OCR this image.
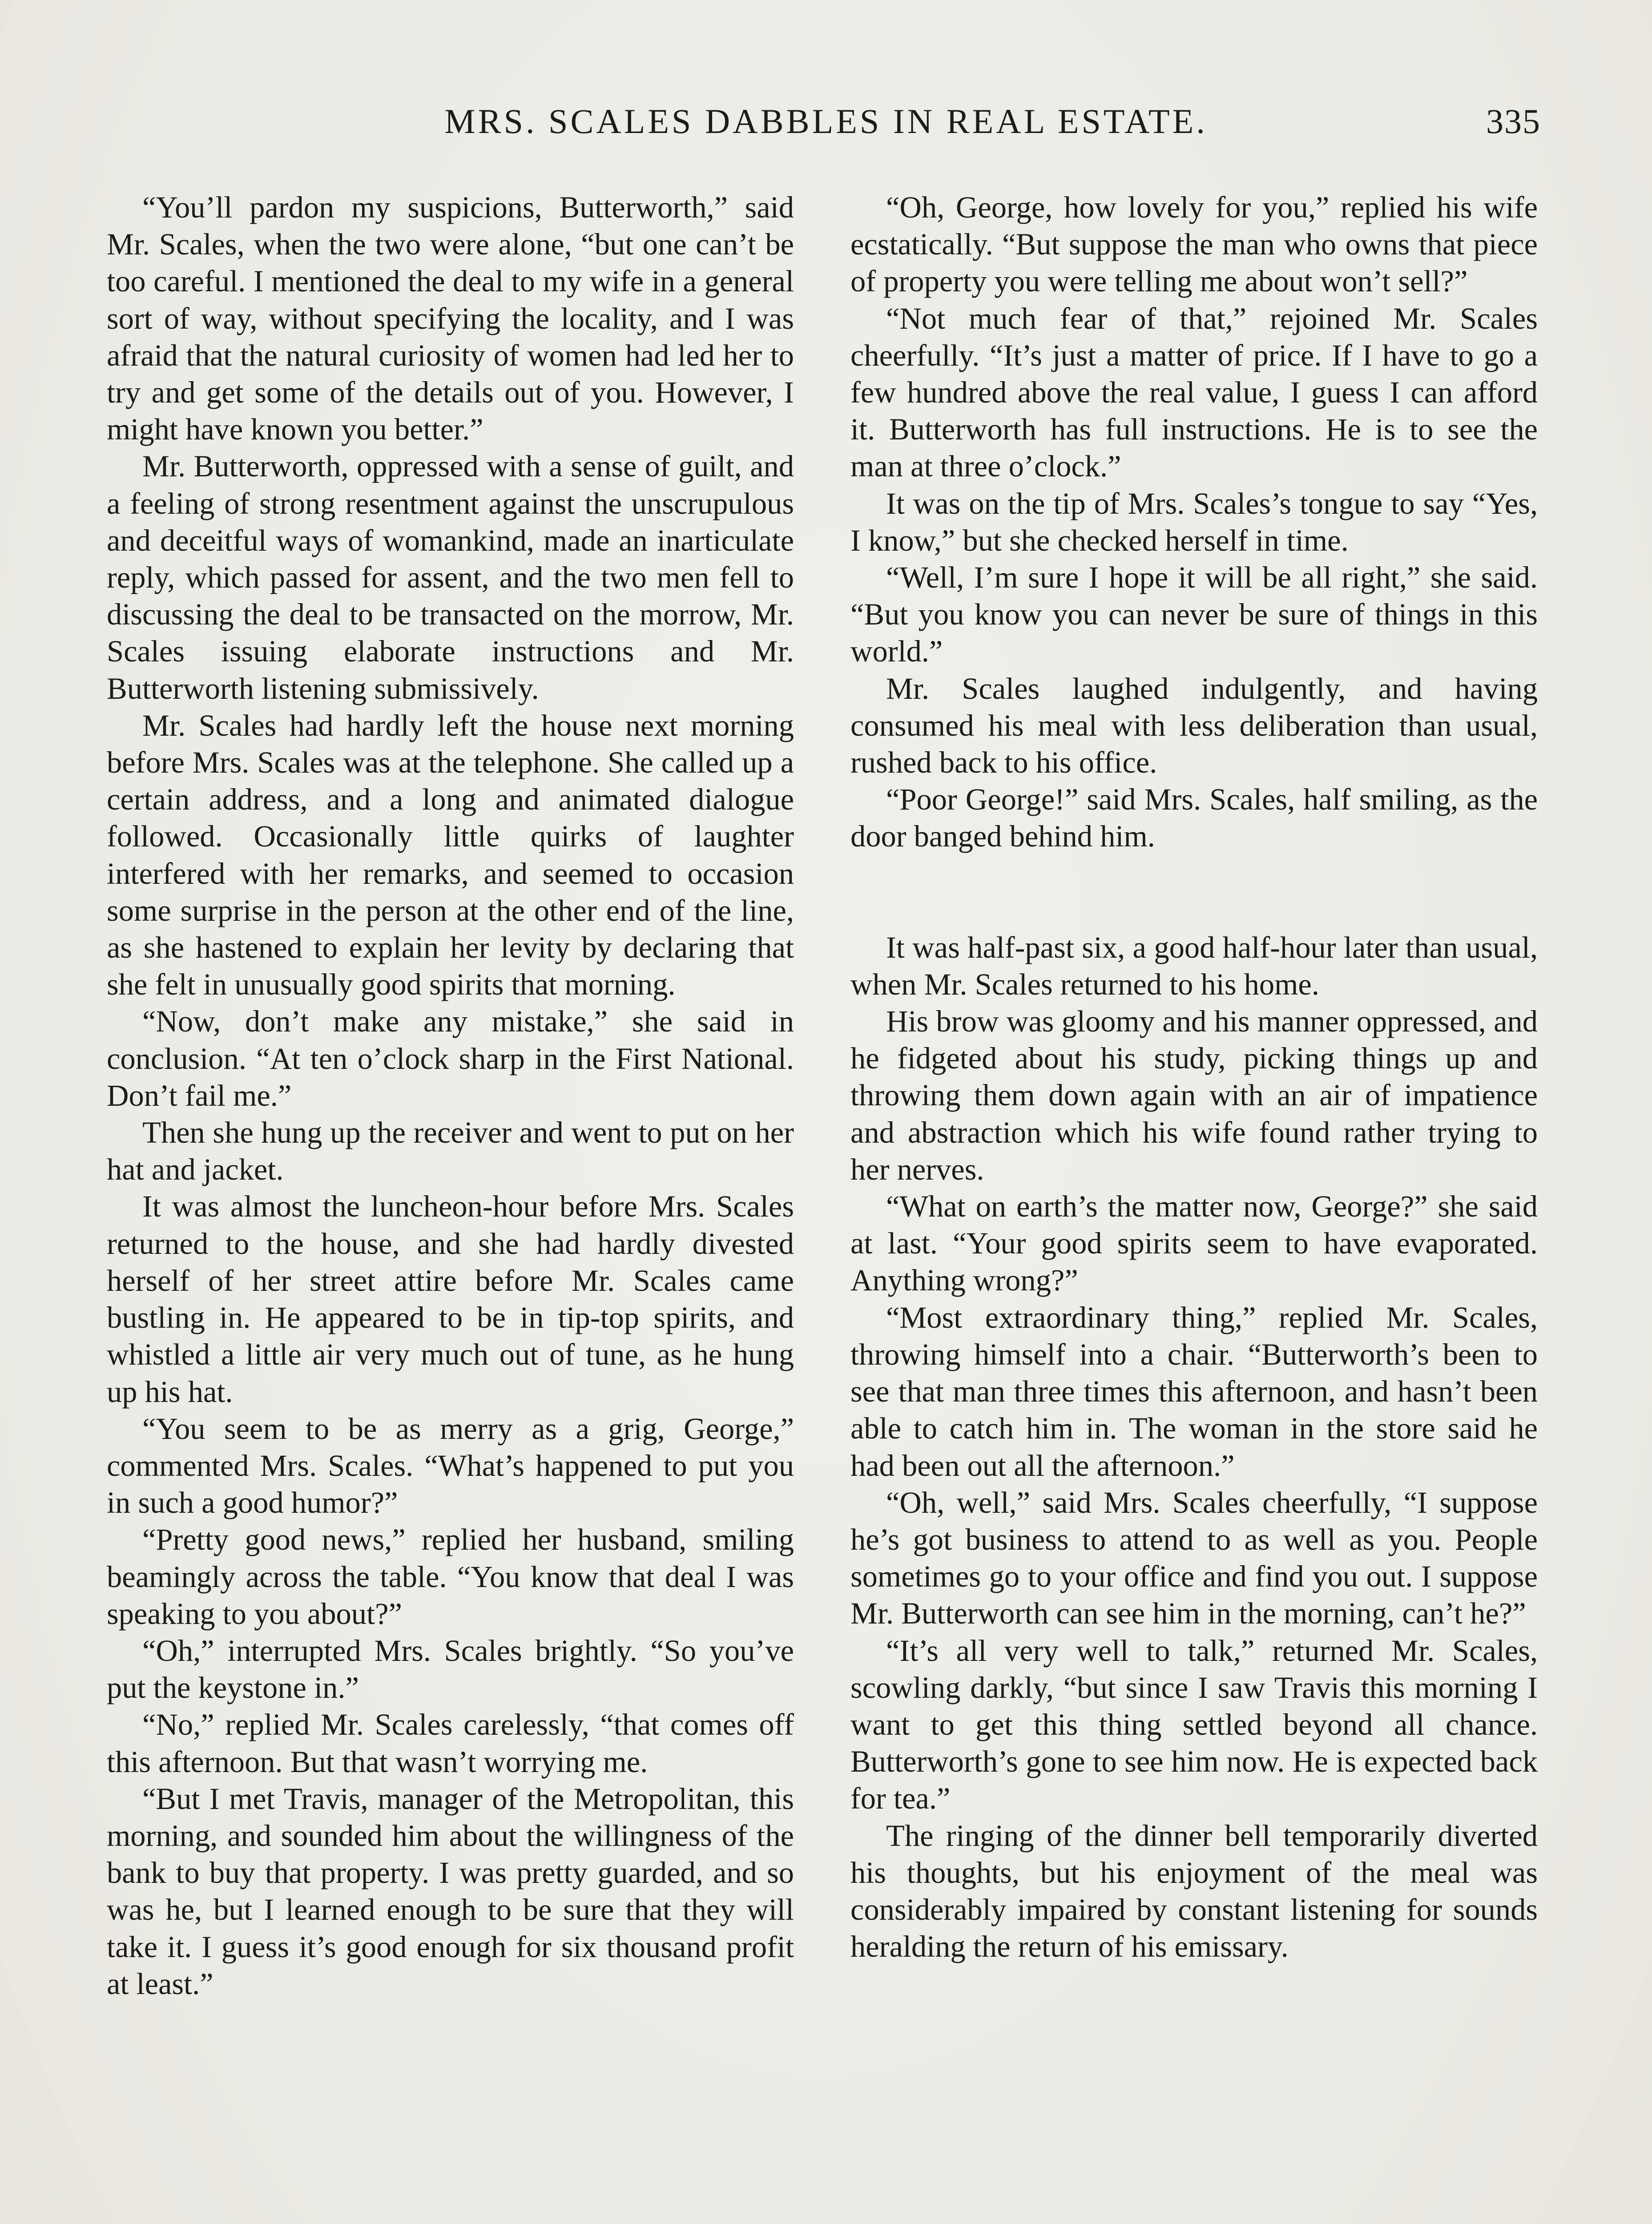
MRS. SCALES DABBLES IN REAL ESTATE.	335

“You’ll pardon my suspicions, Butterworth,” said Mr. Scales, when the two were alone, “but one can’t be too careful. I mentioned the deal to my wife in a general sort of way, without specifying the locality, and I was afraid that the natural curiosity of women had led her to try and get some of the details out of you. However, I might have known you better.”

Mr. Butterworth, oppressed with a sense of guilt, and a feeling of strong resentment against the unscrupulous and deceitful ways of womankind, made an inarticulate reply, which passed for assent, and the two men fell to discussing the deal to be transacted on the morrow, Mr. Scales issuing elaborate instructions and Mr. Butterworth listening submissively.

Mr. Scales had hardly left the house next morning before Mrs. Scales was at the telephone. She called up a certain address, and a long and animated dialogue followed. Occasionally little quirks of laughter interfered with her remarks, and seemed to occasion some surprise in the person at the other end of the line, as she hastened to explain her levity by declaring that she felt in unusually good spirits that morning.

“Now, don’t make any mistake,” she said in conclusion. “At ten o’clock sharp in the First National. Don’t fail me.”

Then she hung up the receiver and went to put on her hat and jacket.

It was almost the luncheon-hour before Mrs. Scales returned to the house, and she had hardly divested herself of her street attire before Mr. Scales came bustling in. He appeared to be in tip-top spirits, and whistled a little air very much out of tune, as he hung up his hat.

“You seem to be as merry as a grig, George,” commented Mrs. Scales. “What’s happened to put you in such a good humor?”

“Pretty good news,” replied her husband, smiling beamingly across the table. “You know that deal I was speaking to you about?”

“Oh,” interrupted Mrs. Scales brightly. “So you’ve put the keystone in.”

“No,” replied Mr. Scales carelessly, “that comes off this afternoon. But that wasn’t worrying me.

“But I met Travis, manager of the Metropolitan, this morning, and sounded him about the willingness of the bank to buy that property. I was pretty guarded, and so was he, but I learned enough to be sure that they will take it. I guess it’s good enough for six thousand profit at least.”

“Oh, George, how lovely for you,” replied his wife ecstatically. “But suppose the man who owns that piece of property you were telling me about won’t sell?”

“Not much fear of that,” rejoined Mr. Scales cheerfully. “It’s just a matter of price. If I have to go a few hundred above the real value, I guess I can afford it. Butterworth has full instructions. He is to see the man at three o’clock.”

It was on the tip of Mrs. Scales’s tongue to say “Yes, I know,” but she checked herself in time.

“Well, I’m sure I hope it will be all right,” she said. “But you know you can never be sure of things in this world.”

Mr. Scales laughed indulgently, and having consumed his meal with less deliberation than usual, rushed back to his office.

“Poor George!” said Mrs. Scales, half smiling, as the door banged behind him.

It was half-past six, a good half-hour later than usual, when Mr. Scales returned to his home.

His brow was gloomy and his manner oppressed, and he fidgeted about his study, picking things up and throwing them down again with an air of impatience and abstraction which his wife found rather trying to her nerves.

“What on earth’s the matter now, George?” she said at last. “Your good spirits seem to have evaporated. Anything wrong?”

“Most extraordinary thing,” replied Mr. Scales, throwing himself into a chair. “Butterworth’s been to see that man three times this afternoon, and hasn’t been able to catch him in. The woman in the store said he had been out all the afternoon.”

“Oh, well,” said Mrs. Scales cheerfully, “I suppose he’s got business to attend to as well as you. People sometimes go to your office and find you out. I suppose Mr. Butterworth can see him in the morning, can’t he?”

“It’s all very well to talk,” returned Mr. Scales, scowling darkly, “but since I saw Travis this morning I want to get this thing settled beyond all chance. Butterworth’s gone to see him now. He is expected back for tea.”

The ringing of the dinner bell temporarily diverted his thoughts, but his enjoyment of the meal was considerably impaired by constant listening for sounds heralding the return of his emissary.
